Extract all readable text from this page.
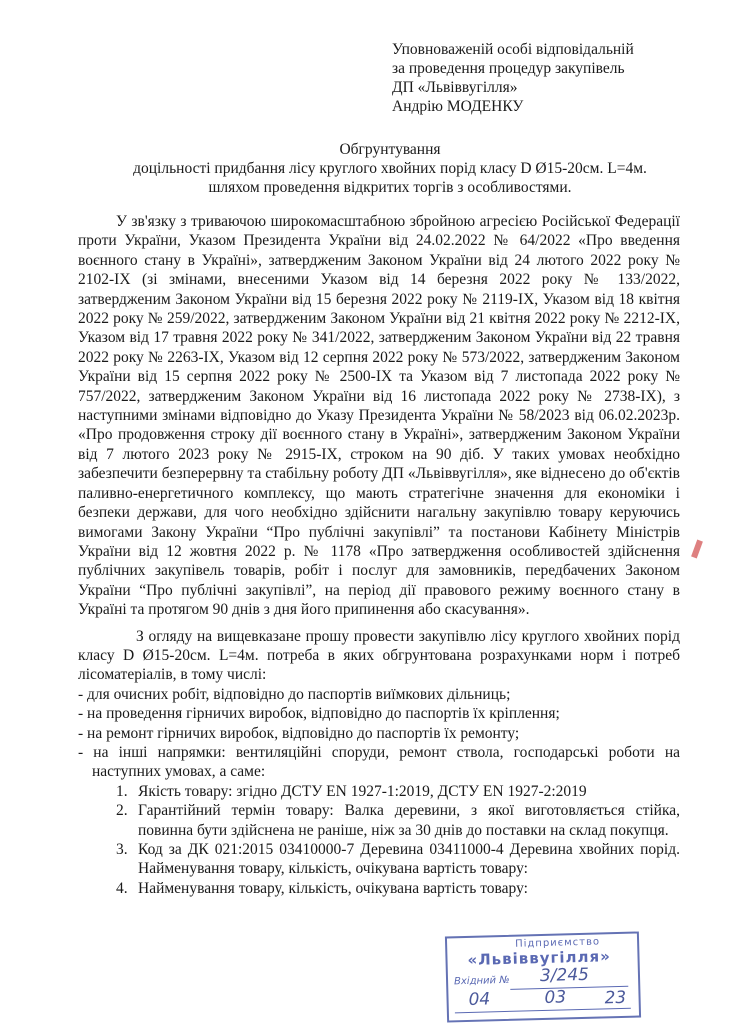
Уповноваженій особі відповідальній
за проведення процедур закупівель
ДП «Львіввугілля»
Андрію МОДЕНКУ
Обгрунтування
доцільності придбання лісу круглого хвойних порід класу D Ø15-20см. L=4м.
шляхом проведення відкритих торгів з особливостями.

У зв'язку з триваючою широкомасштабною збройною агресією Російської Федерації проти України, Указом Президента України від 24.02.2022 № 64/2022 «Про введення воєнного стану в Україні», затвердженим Законом України від 24 лютого 2022 року № 2102-IX (зі змінами, внесеними Указом від 14 березня 2022 року № 133/2022, затвердженим Законом України від 15 березня 2022 року № 2119-IX, Указом від 18 квітня 2022 року № 259/2022, затвердженим Законом України від 21 квітня 2022 року № 2212-IX, Указом від 17 травня 2022 року № 341/2022, затвердженим Законом України від 22 травня 2022 року № 2263-IX, Указом від 12 серпня 2022 року № 573/2022, затвердженим Законом України від 15 серпня 2022 року № 2500-IX та Указом від 7 листопада 2022 року № 757/2022, затвердженим Законом України від 16 листопада 2022 року № 2738-IX), з наступними змінами відповідно до Указу Президента України № 58/2023 від 06.02.2023р. «Про продовження строку дії воєнного стану в Україні», затвердженим Законом України від 7 лютого 2023 року № 2915-IX, строком на 90 діб. У таких умовах необхідно забезпечити безперервну та стабільну роботу ДП «Львіввугілля», яке віднесено до об'єктів паливно-енергетичного комплексу, що мають стратегічне значення для економіки і безпеки держави, для чого необхідно здійснити нагальну закупівлю товару керуючись вимогами Закону України “Про публічні закупівлі” та постанови Кабінету Міністрів України від 12 жовтня 2022 р. № 1178 «Про затвердження особливостей здійснення публічних закупівель товарів, робіт і послуг для замовників, передбачених Законом України “Про публічні закупівлі”, на період дії правового режиму воєнного стану в Україні та протягом 90 днів з дня його припинення або скасування».

З огляду на вищевказане прошу провести закупівлю лісу круглого хвойних порід класу D Ø15-20см. L=4м. потреба в яких обгрунтована розрахунками норм і потреб лісоматеріалів, в тому числі:

- для очисних робіт, відповідно до паспортів виїмкових дільниць;

- на проведення гірничих виробок, відповідно до паспортів їх кріплення;

- на ремонт гірничих виробок, відповідно до паспортів їх ремонту;

- на інші напрямки: вентиляційні споруди, ремонт ствола, господарські роботи на наступних умовах, а саме:

1. Якість товару: згідно ДСТУ EN 1927-1:2019, ДСТУ EN 1927-2:2019
2. Гарантійний термін товару: Валка деревини, з якої виготовляється стійка, повинна бути здійснена не раніше, ніж за 30 днів до поставки на склад покупця.
3. Код за ДК 021:2015 03410000-7 Деревина 03411000-4 Деревина хвойних порід. Найменування товару, кількість, очікувана вартість товару:
4. Найменування товару, кількість, очікувана вартість товару:
Підприємство
«Львіввугілля»
Вхідний № 3/245
04	03 23
